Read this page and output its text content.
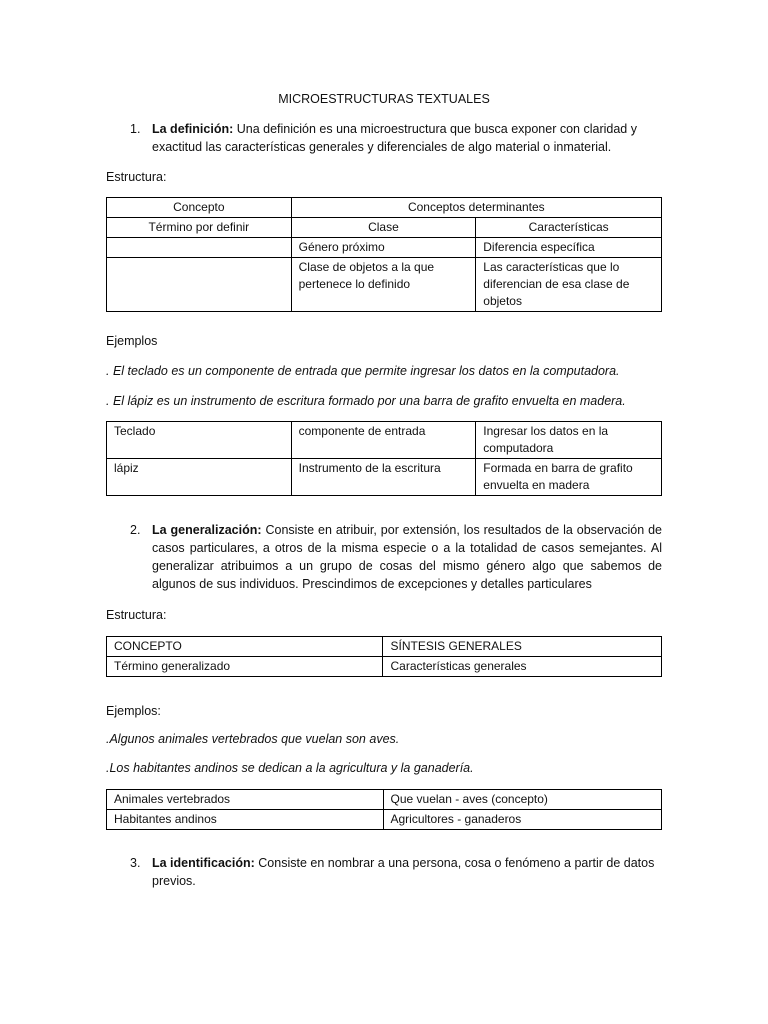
MICROESTRUCTURAS TEXTUALES
1. La definición: Una definición es una microestructura que busca exponer con claridad y exactitud las características generales y diferenciales de algo material o inmaterial.
Estructura:
Concepto	Conceptos determinantes	
Término por definir	Clase	Características
	Género próximo	Diferencia específica
	Clase de objetos a la que pertenece lo definido	Las características que lo diferencian de esa clase de objetos
Ejemplos
. El teclado es un componente de entrada que permite ingresar los datos en la computadora.
. El lápiz es un instrumento de escritura formado por una barra de grafito envuelta en madera.
Teclado	componente de entrada	Ingresar los datos en la computadora
lápiz	Instrumento de la escritura	Formada en barra de grafito envuelta en madera
2. La generalización: Consiste en atribuir, por extensión, los resultados de la observación de casos particulares, a otros de la misma especie o a la totalidad de casos semejantes. Al generalizar atribuimos a un grupo de cosas del mismo género algo que sabemos de algunos de sus individuos. Prescindimos de excepciones y detalles particulares
Estructura:
CONCEPTO	SÍNTESIS GENERALES
Término generalizado	Características generales
Ejemplos:
.Algunos animales vertebrados que vuelan son aves.
.Los habitantes andinos se dedican a la agricultura y la ganadería.
Animales vertebrados	Que vuelan - aves (concepto)
Habitantes andinos	Agricultores - ganaderos
3. La identificación: Consiste en nombrar a una persona, cosa o fenómeno a partir de datos previos.
